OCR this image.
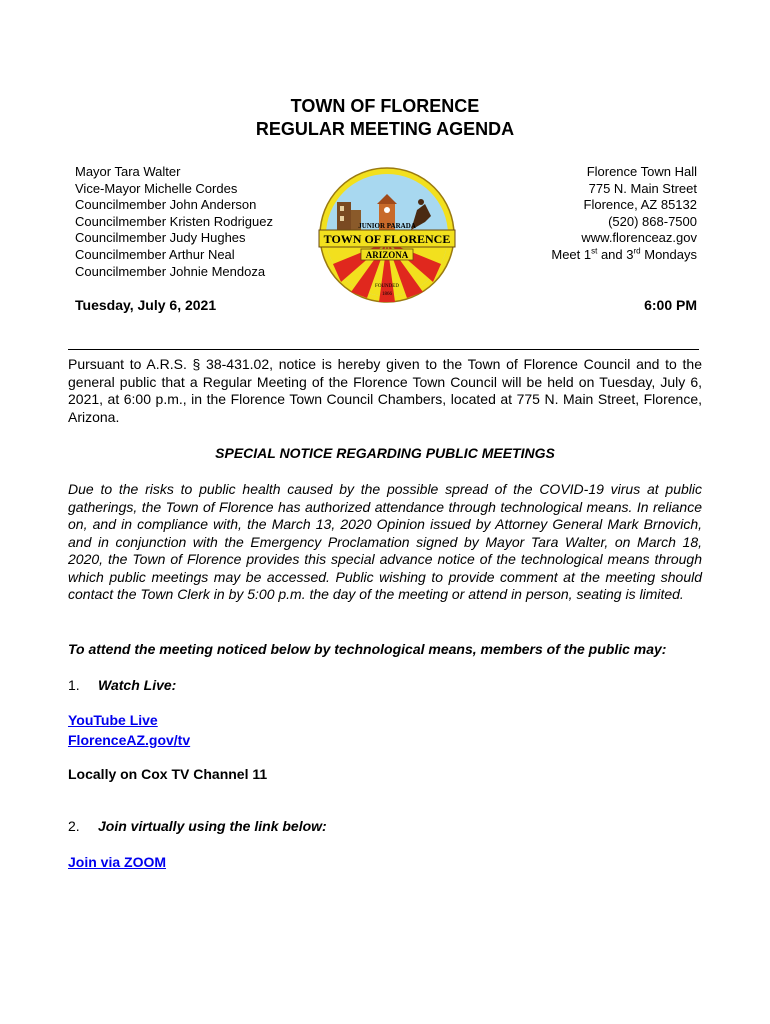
TOWN OF FLORENCE
REGULAR MEETING AGENDA
Mayor Tara Walter
Vice-Mayor Michelle Cordes
Councilmember John Anderson
Councilmember Kristen Rodriguez
Councilmember Judy Hughes
Councilmember Arthur Neal
Councilmember Johnie Mendoza
JUNIOR PARADA
TOWN OF FLORENCE
ARIZONA
FOUNDED
1866
Florence Town Hall
775 N. Main Street
Florence, AZ 85132
(520) 868-7500
www.florenceaz.gov
Meet 1st and 3rd Mondays
Tuesday, July 6, 2021	6:00 PM
Pursuant to A.R.S. § 38-431.02, notice is hereby given to the Town of Florence Council and to the general public that a Regular Meeting of the Florence Town Council will be held on Tuesday, July 6, 2021, at 6:00 p.m., in the Florence Town Council Chambers, located at 775 N. Main Street, Florence, Arizona.
SPECIAL NOTICE REGARDING PUBLIC MEETINGS
Due to the risks to public health caused by the possible spread of the COVID-19 virus at public gatherings, the Town of Florence has authorized attendance through technological means. In reliance on, and in compliance with, the March 13, 2020 Opinion issued by Attorney General Mark Brnovich, and in conjunction with the Emergency Proclamation signed by Mayor Tara Walter, on March 18, 2020, the Town of Florence provides this special advance notice of the technological means through which public meetings may be accessed. Public wishing to provide comment at the meeting should contact the Town Clerk in by 5:00 p.m. the day of the meeting or attend in person, seating is limited.
To attend the meeting noticed below by technological means, members of the public may:
1. Watch Live:
YouTube Live
FlorenceAZ.gov/tv
Locally on Cox TV Channel 11
2. Join virtually using the link below:
Join via ZOOM
